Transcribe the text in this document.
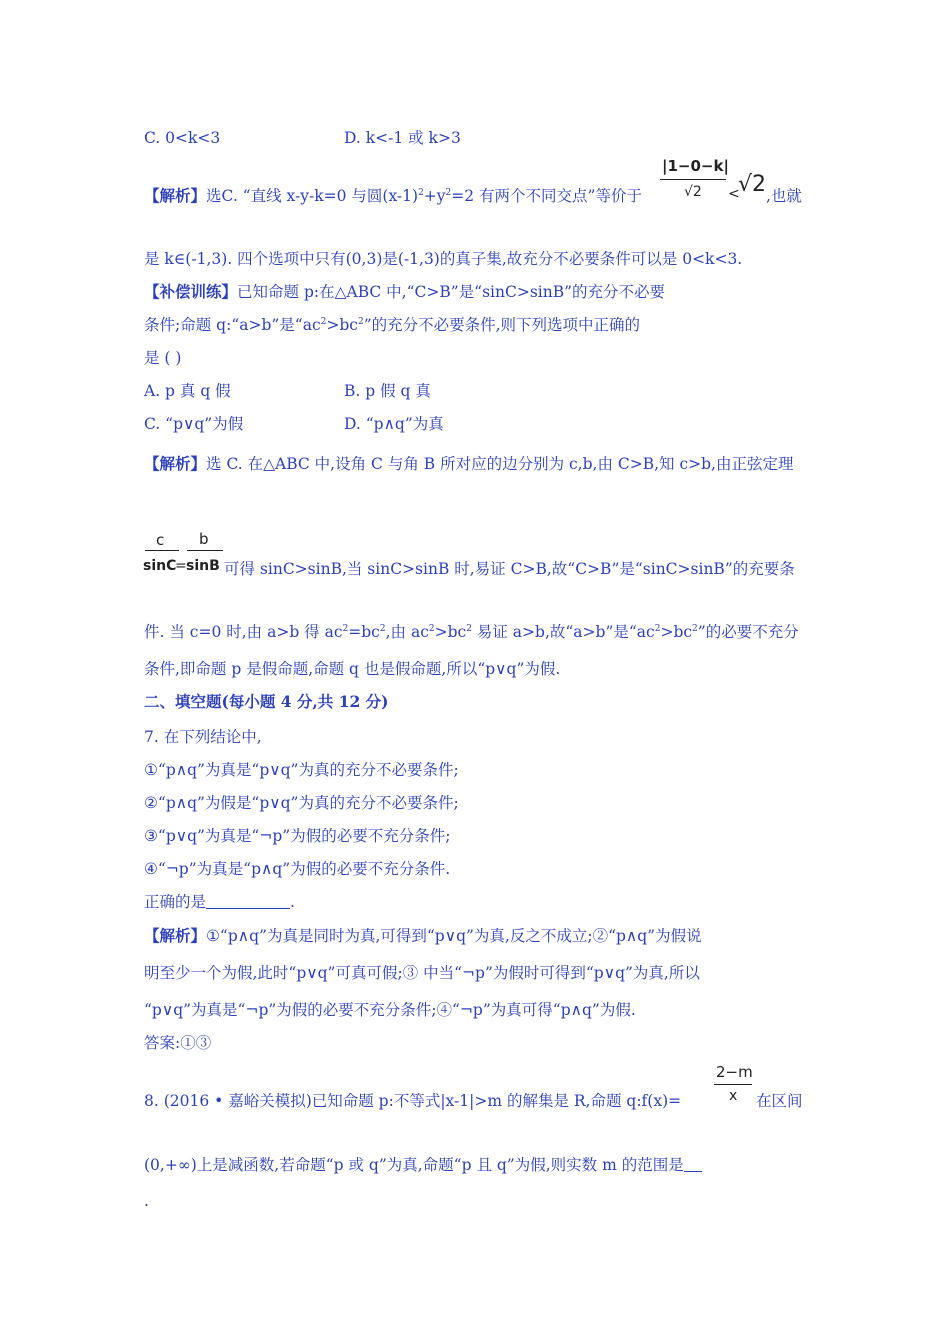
C. 0<k<3	D. k<-1 或 k>3
【解析】选C. “直线 x-y-k=0 与圆$(x-1)^2+y^2=2$ 有两个不同交点”等价于
|1−0−k|
√2 <
√2 ,也就
是 k∈(-1,3). 四个选项中只有(0,3)是(-1,3)的真子集,故充分不必要条件可以是 0<k<3.
【补偿训练】已知命题 p:在△ABC 中,“C>B”是“sinC>sinB”的充分不必要
条件;命题 q:“a>b”是“$ac^2>bc^2$”的充分不必要条件,则下列选项中正确的
是 ( )
A. p 真 q 假	B. p 假 q 真
C. “p∨q”为假	D. “p∧q”为真
【解析】选 C. 在△ABC 中,设角 C 与角 B 所对应的边分别为 c,b,由 C>B,知 c>b,由正弦定理
c
sinC
=
b
sinB 可得 sinC>sinB,当 sinC>sinB 时,易证 C>B,故“C>B”是“sinC>sinB”的充要条
件. 当 c=0 时,由 a>b 得 $ac^2=bc^2$,由 $ac^2>bc^2$ 易证 a>b,故“a>b”是“$ac^2>bc^2$”的必要不充分
条件,即命题 p 是假命题,命题 q 也是假命题,所以“p∨q”为假.
二、填空题(每小题 4 分,共 12 分)
7. 在下列结论中,
①“p∧q”为真是“p∨q”为真的充分不必要条件;
②“p∧q”为假是“p∨q”为真的充分不必要条件;
③“p∨q”为真是“¬p”为假的必要不充分条件;
④“¬p”为真是“p∧q”为假的必要不充分条件.
正确的是	.
【解析】①“p∧q”为真是同时为真,可得到“p∨q”为真,反之不成立;②“p∧q”为假说
明至少一个为假,此时“p∨q”可真可假;③ 中当“¬p”为假时可得到“p∨q”为真,所以
“p∨q”为真是“¬p”为假的必要不充分条件;④“¬p”为真可得“p∧q”为假.
答案:①③
2−m
x
8. (2016 • 嘉峪关模拟)已知命题 p:不等式|x-1|>m 的解集是 R,命题 q:f(x)=	在区间
(0,+∞)上是减函数,若命题“p 或 q”为真,命题“p 且 q”为假,则实数 m 的范围是
.
